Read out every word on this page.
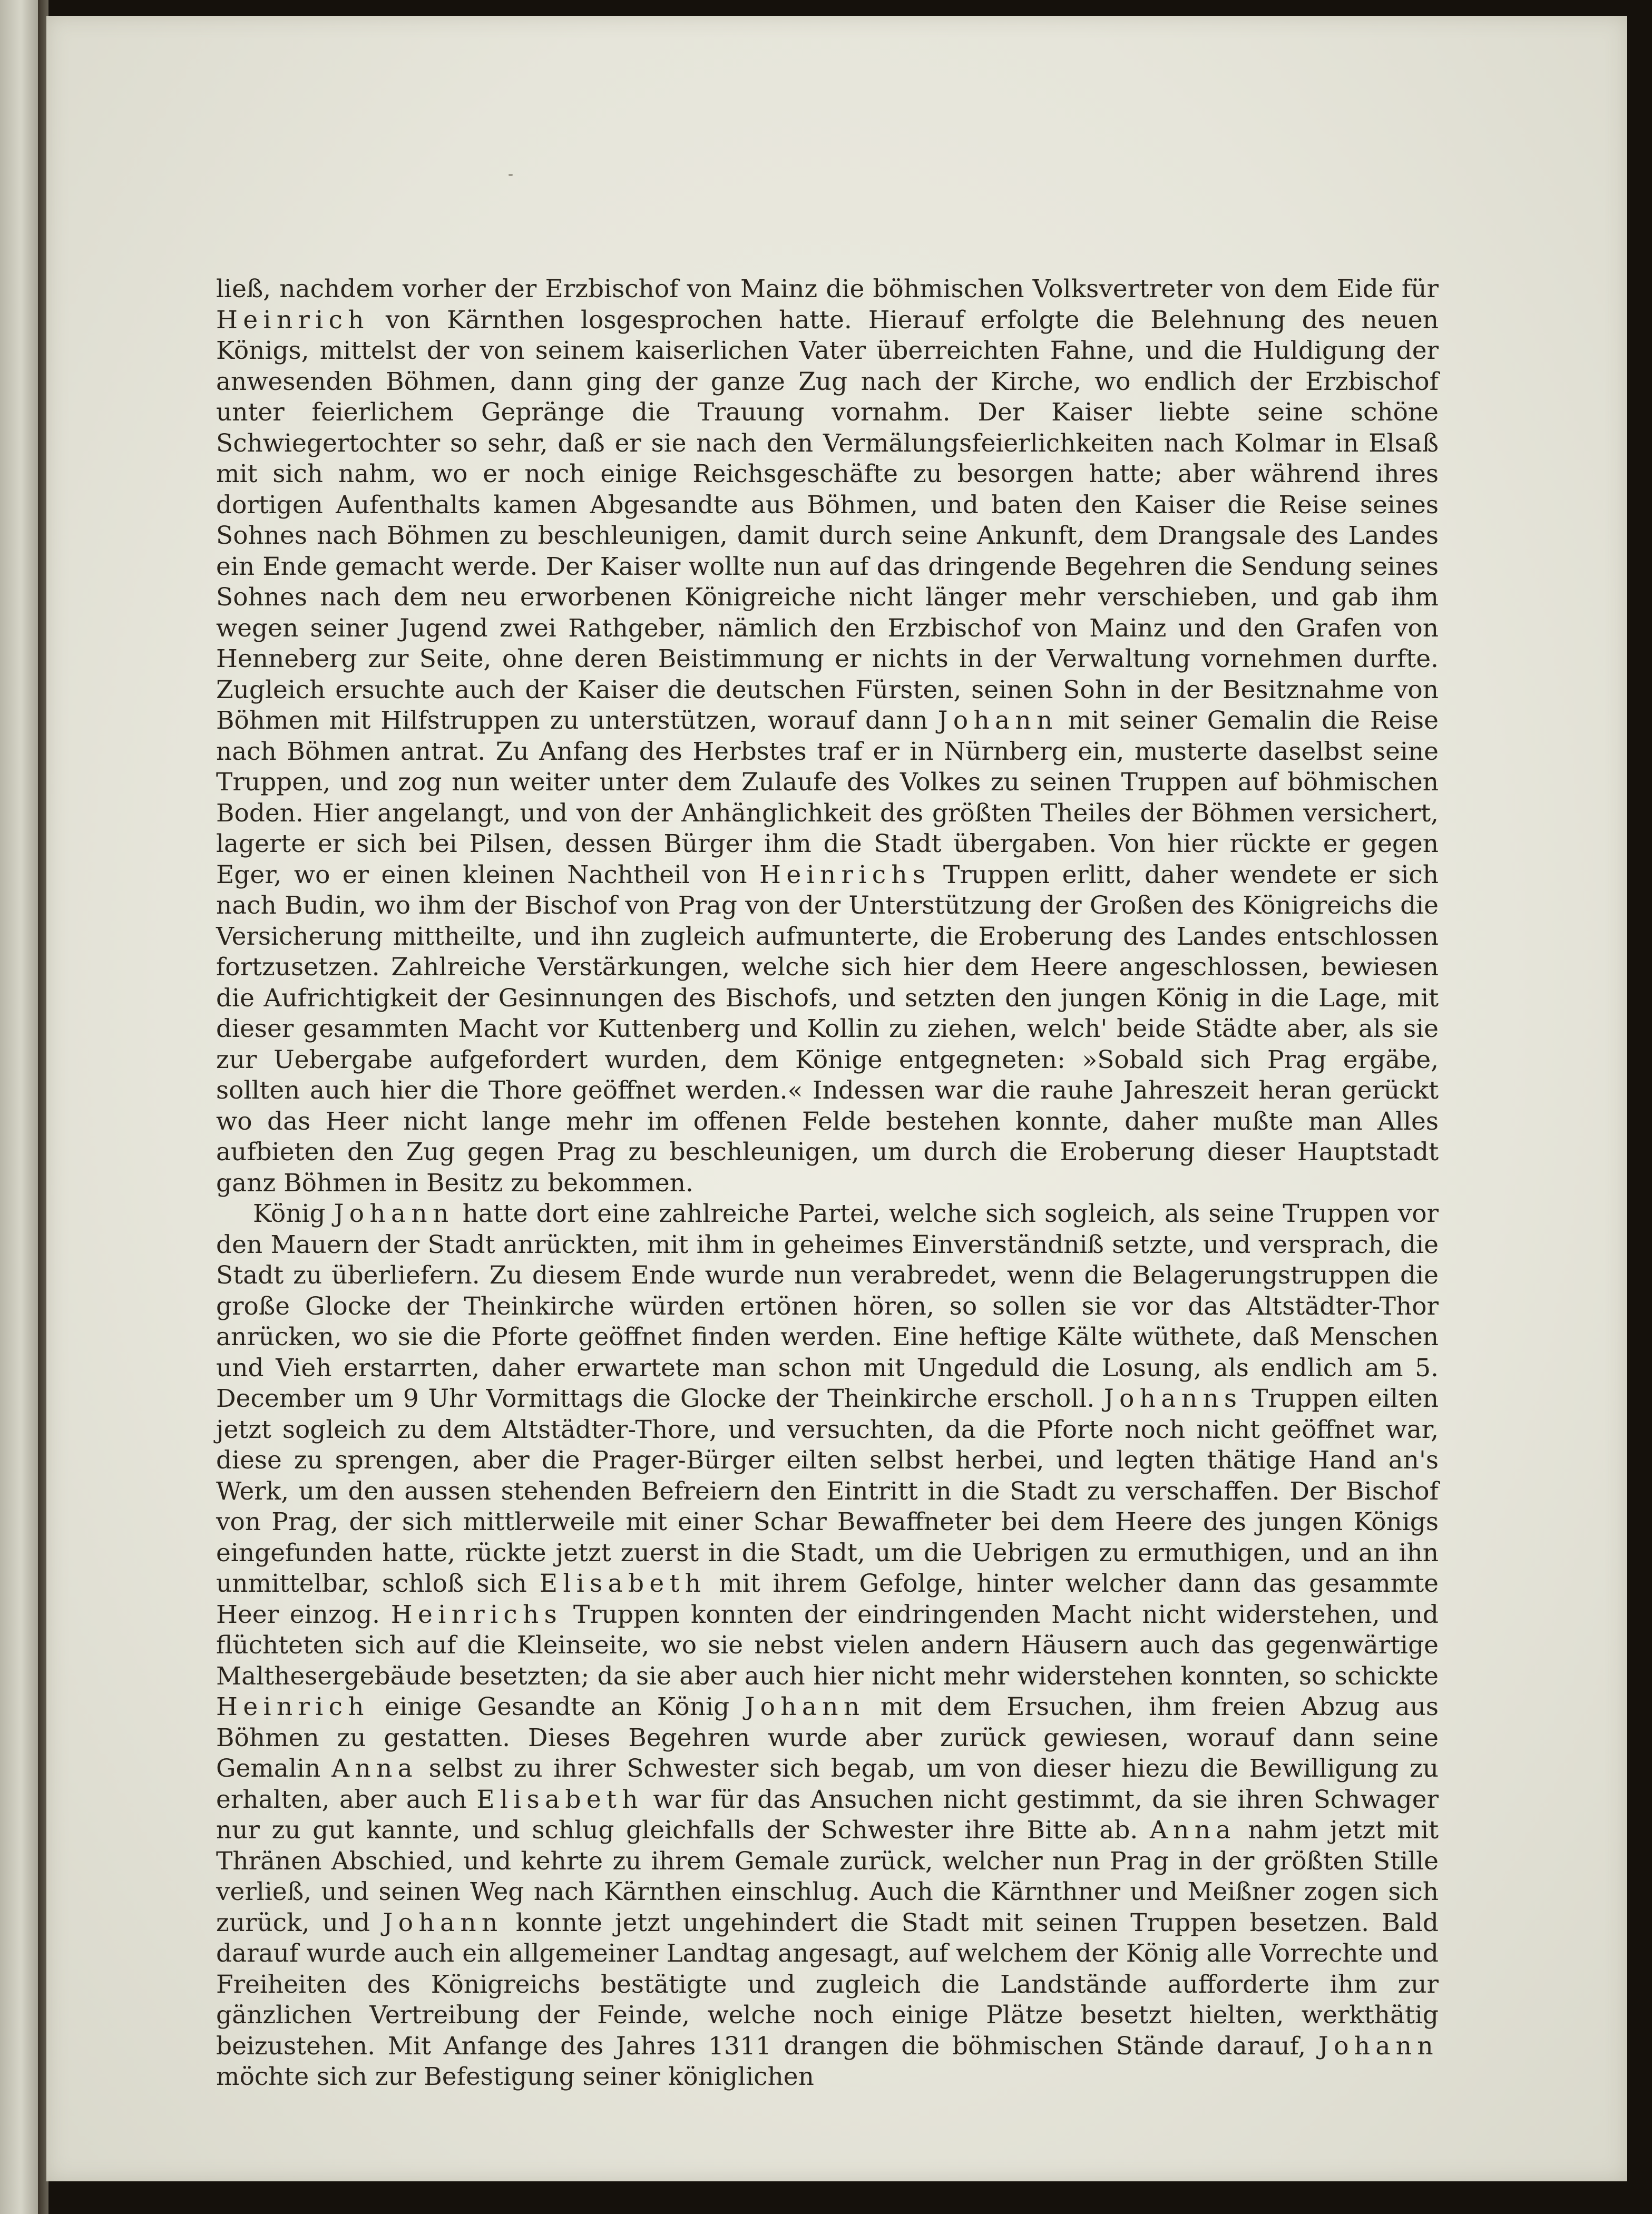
ließ, nachdem vorher der Erzbischof von Mainz die böhmischen Volksvertreter von dem Eide für Heinrich von Kärnthen losgesprochen hatte. Hierauf erfolgte die Belehnung des neuen Königs, mittelst der von seinem kaiserlichen Vater überreichten Fahne, und die Huldigung der anwesenden Böhmen, dann ging der ganze Zug nach der Kirche, wo endlich der Erzbischof unter feierlichem Gepränge die Trauung vornahm. Der Kaiser liebte seine schöne Schwiegertochter so sehr, daß er sie nach den Vermälungsfeierlichkeiten nach Kolmar in Elsaß mit sich nahm, wo er noch einige Reichsgeschäfte zu besorgen hatte; aber während ihres dortigen Aufenthalts kamen Abgesandte aus Böhmen, und baten den Kaiser die Reise seines Sohnes nach Böhmen zu beschleunigen, damit durch seine Ankunft, dem Drangsale des Landes ein Ende gemacht werde. Der Kaiser wollte nun auf das dringende Begehren die Sendung seines Sohnes nach dem neu erworbenen Königreiche nicht länger mehr verschieben, und gab ihm wegen seiner Jugend zwei Rathgeber, nämlich den Erzbischof von Mainz und den Grafen von Henneberg zur Seite, ohne deren Beistimmung er nichts in der Verwaltung vornehmen durfte. Zugleich ersuchte auch der Kaiser die deutschen Fürsten, seinen Sohn in der Besitznahme von Böhmen mit Hilfstruppen zu unterstützen, worauf dann Johann mit seiner Gemalin die Reise nach Böhmen antrat. Zu Anfang des Herbstes traf er in Nürnberg ein, musterte daselbst seine Truppen, und zog nun weiter unter dem Zulaufe des Volkes zu seinen Truppen auf böhmischen Boden. Hier angelangt, und von der Anhänglichkeit des größten Theiles der Böhmen versichert, lagerte er sich bei Pilsen, dessen Bürger ihm die Stadt übergaben. Von hier rückte er gegen Eger, wo er einen kleinen Nachtheil von Heinrichs Truppen erlitt, daher wendete er sich nach Budin, wo ihm der Bischof von Prag von der Unterstützung der Großen des Königreichs die Versicherung mittheilte, und ihn zugleich aufmunterte, die Eroberung des Landes entschlossen fortzusetzen. Zahlreiche Verstärkungen, welche sich hier dem Heere angeschlossen, bewiesen die Aufrichtigkeit der Gesinnungen des Bischofs, und setzten den jungen König in die Lage, mit dieser gesammten Macht vor Kuttenberg und Kollin zu ziehen, welch' beide Städte aber, als sie zur Uebergabe aufgefordert wurden, dem Könige entgegneten: »Sobald sich Prag ergäbe, sollten auch hier die Thore geöffnet werden.« Indessen war die rauhe Jahreszeit heran gerückt wo das Heer nicht lange mehr im offenen Felde bestehen konnte, daher mußte man Alles aufbieten den Zug gegen Prag zu beschleunigen, um durch die Eroberung dieser Hauptstadt ganz Böhmen in Besitz zu bekommen.

König Johann hatte dort eine zahlreiche Partei, welche sich sogleich, als seine Truppen vor den Mauern der Stadt anrückten, mit ihm in geheimes Einverständniß setzte, und versprach, die Stadt zu überliefern. Zu diesem Ende wurde nun verabredet, wenn die Belagerungstruppen die große Glocke der Theinkirche würden ertönen hören, so sollen sie vor das Altstädter-Thor anrücken, wo sie die Pforte geöffnet finden werden. Eine heftige Kälte wüthete, daß Menschen und Vieh erstarrten, daher erwartete man schon mit Ungeduld die Losung, als endlich am 5. December um 9 Uhr Vormittags die Glocke der Theinkirche erscholl. Johanns Truppen eilten jetzt sogleich zu dem Altstädter-Thore, und versuchten, da die Pforte noch nicht geöffnet war, diese zu sprengen, aber die Prager-Bürger eilten selbst herbei, und legten thätige Hand an's Werk, um den aussen stehenden Befreiern den Eintritt in die Stadt zu verschaffen. Der Bischof von Prag, der sich mittlerweile mit einer Schar Bewaffneter bei dem Heere des jungen Königs eingefunden hatte, rückte jetzt zuerst in die Stadt, um die Uebrigen zu ermuthigen, und an ihn unmittelbar, schloß sich Elisabeth mit ihrem Gefolge, hinter welcher dann das gesammte Heer einzog. Heinrichs Truppen konnten der eindringenden Macht nicht widerstehen, und flüchteten sich auf die Kleinseite, wo sie nebst vielen andern Häusern auch das gegenwärtige Malthesergebäude besetzten; da sie aber auch hier nicht mehr widerstehen konnten, so schickte Heinrich einige Gesandte an König Johann mit dem Ersuchen, ihm freien Abzug aus Böhmen zu gestatten. Dieses Begehren wurde aber zurück gewiesen, worauf dann seine Gemalin Anna selbst zu ihrer Schwester sich begab, um von dieser hiezu die Bewilligung zu erhalten, aber auch Elisabeth war für das Ansuchen nicht gestimmt, da sie ihren Schwager nur zu gut kannte, und schlug gleichfalls der Schwester ihre Bitte ab. Anna nahm jetzt mit Thränen Abschied, und kehrte zu ihrem Gemale zurück, welcher nun Prag in der größten Stille verließ, und seinen Weg nach Kärnthen einschlug. Auch die Kärnthner und Meißner zogen sich zurück, und Johann konnte jetzt ungehindert die Stadt mit seinen Truppen besetzen. Bald darauf wurde auch ein allgemeiner Landtag angesagt, auf welchem der König alle Vorrechte und Freiheiten des Königreichs bestätigte und zugleich die Landstände aufforderte ihm zur gänzlichen Vertreibung der Feinde, welche noch einige Plätze besetzt hielten, werkthätig beizustehen. Mit Anfange des Jahres 1311 drangen die böhmischen Stände darauf, Johann möchte sich zur Befestigung seiner königlichen
